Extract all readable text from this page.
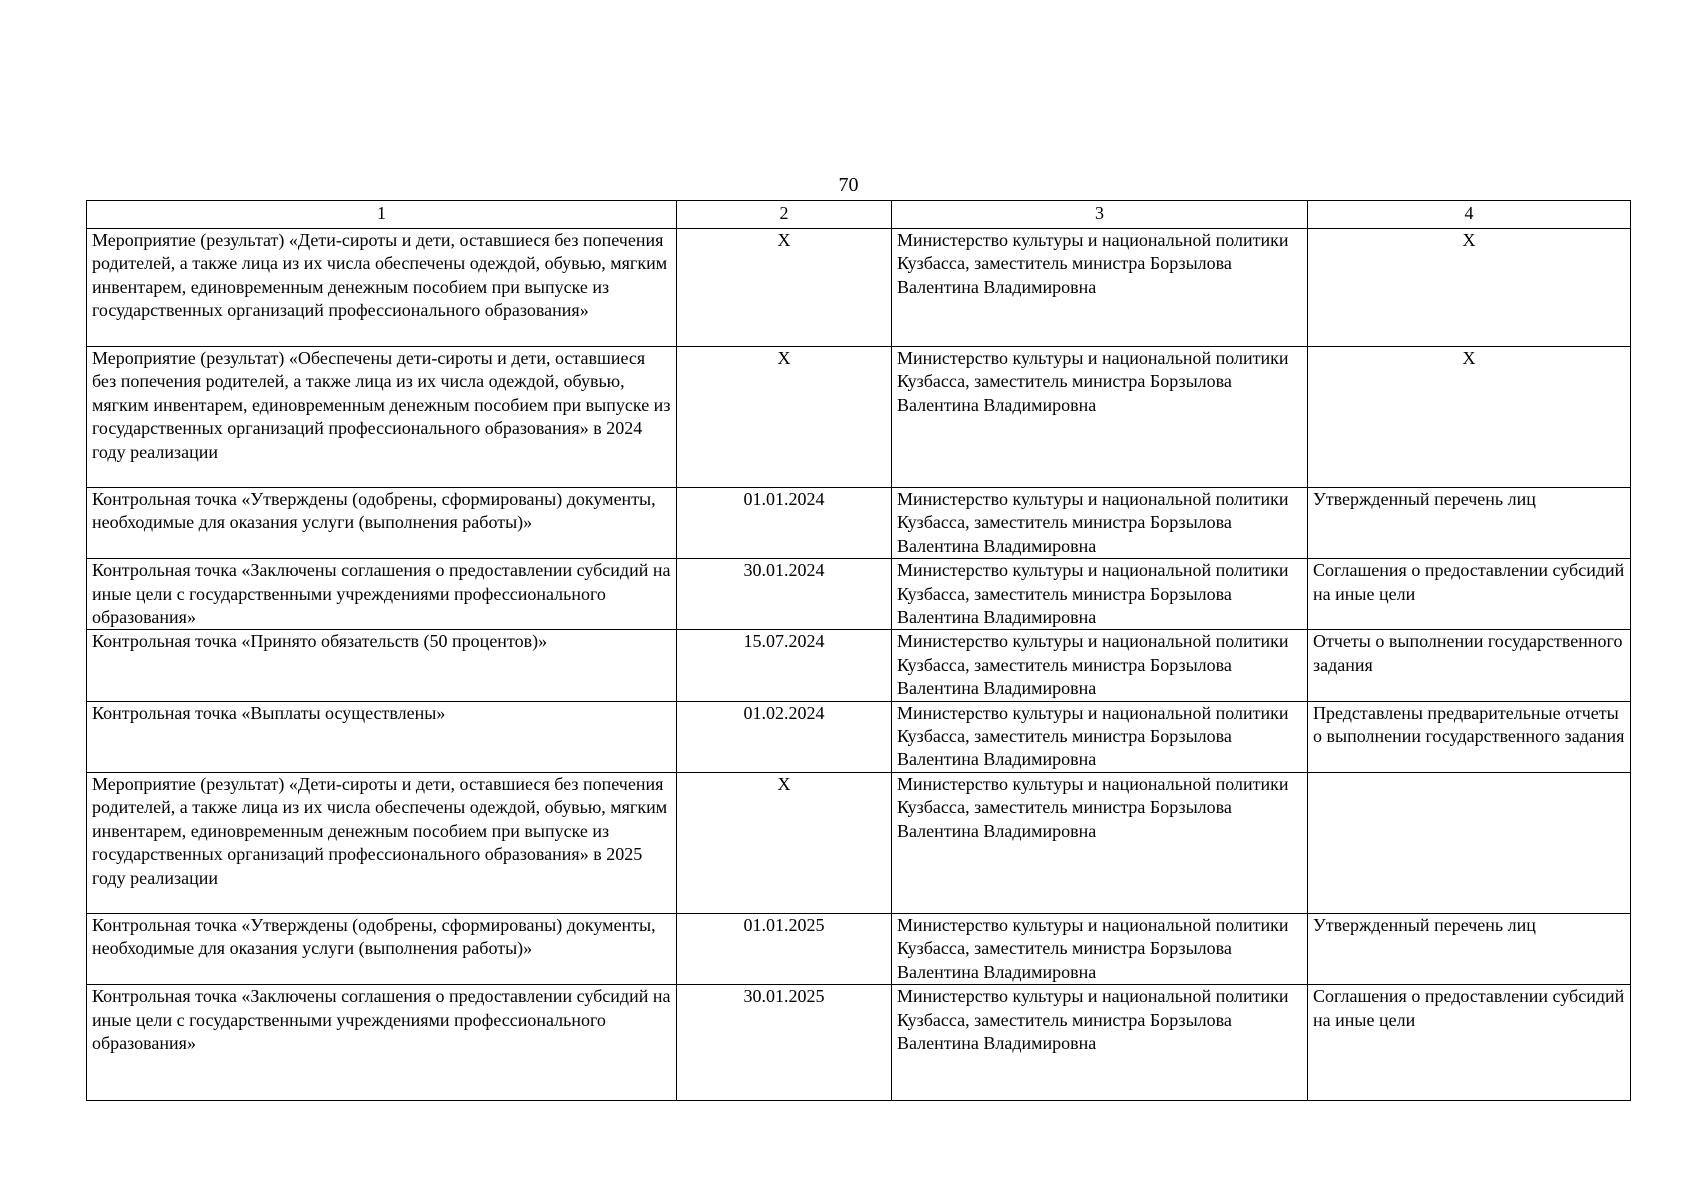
70
1	2	3	4
Мероприятие (результат) «Дети-сироты и дети, оставшиеся без попечения родителей, а также лица из их числа обеспечены одеждой, обувью, мягким инвентарем, единовременным денежным пособием при выпуске из государственных организаций профессионального образования»	Х	Министерство культуры и национальной политики Кузбасса, заместитель министра Борзылова Валентина Владимировна	Х
Мероприятие (результат) «Обеспечены дети-сироты и дети, оставшиеся без попечения родителей, а также лица из их числа одеждой, обувью, мягким инвентарем, единовременным денежным пособием при выпуске из государственных организаций профессионального образования» в 2024 году реализации	Х	Министерство культуры и национальной политики Кузбасса, заместитель министра Борзылова Валентина Владимировна	Х
Контрольная точка «Утверждены (одобрены, сформированы) документы, необходимые для оказания услуги (выполнения работы)»	01.01.2024	Министерство культуры и национальной политики Кузбасса, заместитель министра Борзылова Валентина Владимировна	Утвержденный перечень лиц
Контрольная точка «Заключены соглашения о предоставлении субсидий на иные цели с государственными учреждениями профессионального образования»	30.01.2024	Министерство культуры и национальной политики Кузбасса, заместитель министра Борзылова Валентина Владимировна	Соглашения о предоставлении субсидий на иные цели
Контрольная точка «Принято обязательств (50 процентов)»	15.07.2024	Министерство культуры и национальной политики Кузбасса, заместитель министра Борзылова Валентина Владимировна	Отчеты о выполнении государственного задания
Контрольная точка «Выплаты осуществлены»	01.02.2024	Министерство культуры и национальной политики Кузбасса, заместитель министра Борзылова Валентина Владимировна	Представлены предварительные отчеты о выполнении государственного задания
Мероприятие (результат) «Дети-сироты и дети, оставшиеся без попечения родителей, а также лица из их числа обеспечены одеждой, обувью, мягким инвентарем, единовременным денежным пособием при выпуске из государственных организаций профессионального образования» в 2025 году реализации	Х	Министерство культуры и национальной политики Кузбасса, заместитель министра Борзылова Валентина Владимировна	
Контрольная точка «Утверждены (одобрены, сформированы) документы, необходимые для оказания услуги (выполнения работы)»	01.01.2025	Министерство культуры и национальной политики Кузбасса, заместитель министра Борзылова Валентина Владимировна	Утвержденный перечень лиц
Контрольная точка «Заключены соглашения о предоставлении субсидий на иные цели с государственными учреждениями профессионального образования»	30.01.2025	Министерство культуры и национальной политики Кузбасса, заместитель министра Борзылова Валентина Владимировна	Соглашения о предоставлении субсидий на иные цели
